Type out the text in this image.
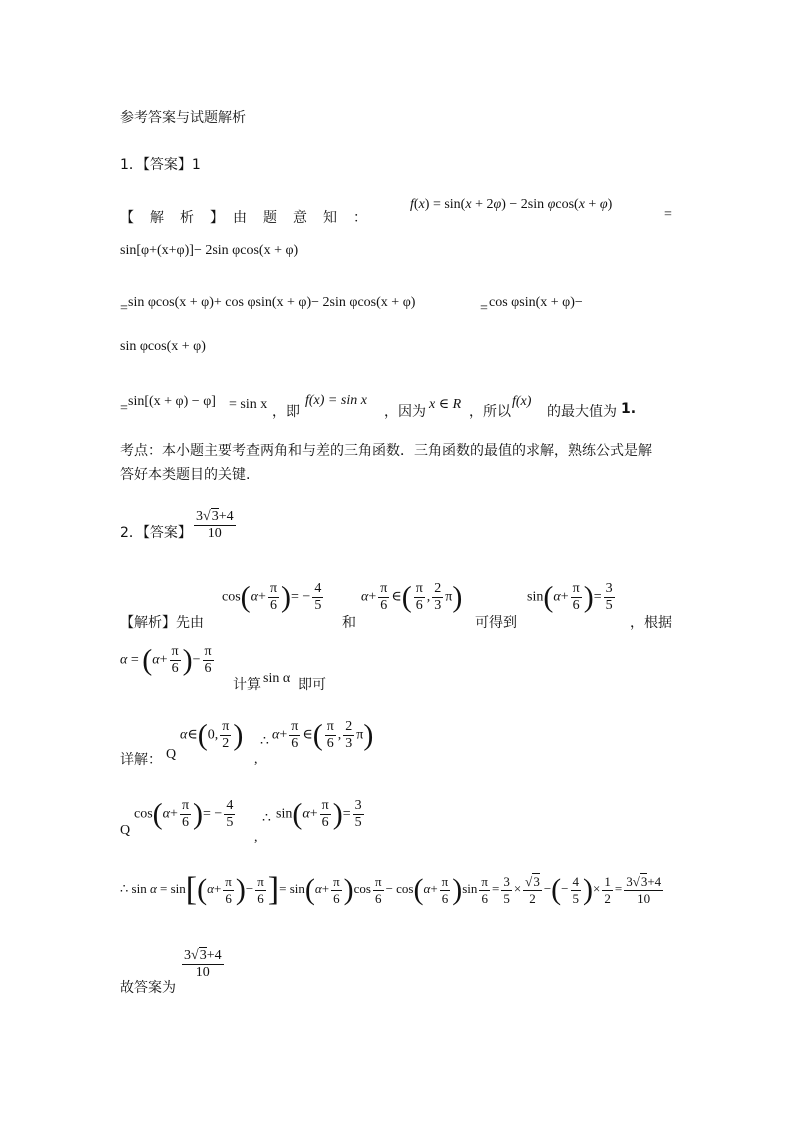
参考答案与试题解析
1．【答案】1
【　解　析　】　由　题　意　知　：
f(x) = sin(x + 2φ) − 2sin φcos(x + φ)
=
sin[φ+(x+φ)]− 2sin φcos(x + φ)
= sin φcos(x + φ)+ cos φsin(x + φ)− 2sin φcos(x + φ)	= cos φsin(x + φ)−
sin φcos(x + φ)
= sin[(x + φ) − φ] = sin x ，即
f(x) = sin x
，因为 x ∈ R ，所以
f(x)
的最大值为 1.
考点：本小题主要考查两角和与差的三角函数．三角函数的最值的求解，熟练公式是解
答好本类题目的关键.
2．【答案】 $\frac{3√3+4}{10}$
【解析】先由
$\cos(\alpha+ \frac{\pi}{6}$ )= − $\frac{4}{5}$
和
$\alpha+ \frac{\pi}{6}$ ∈( $\frac{\pi}{6}$ , $\frac{2}{3} \pi$)
可得到
$\sin(\alpha+ \frac{\pi}{6}$ )= $\frac{3}{5}$
，根据
$\alpha = (\alpha+ \frac{\pi}{6}$ )− $\frac{\pi}{6}$
计算 sin α 即可
详解： Q
α∈(0, $\frac{\pi}{2}$ )
,
∴ $\alpha+ \frac{\pi}{6}$ ∈( $\frac{\pi}{6}$ , $\frac{2}{3} \pi$)
Q
$\cos(\alpha+ \frac{\pi}{6}$ )= − $\frac{4}{5}$
,
∴ $\sin(\alpha+ \frac{\pi}{6}$ )= $\frac{3}{5}$
∴ $\sin \alpha = \sin[(\alpha+ \frac{\pi}{6}$ )− $\frac{\pi}{6}$ ]= $\sin(\alpha+ \frac{\pi}{6} )\cos \frac{\pi}{6} - \cos(\alpha+ \frac{\pi}{6} )\sin \frac{\pi}{6} = \frac{3}{5} \times \frac{√3}{2}$ −(− $\frac{4}{5}$ )× $\frac{1}{2} = \frac{3√3+4}{10}$
故答案为
$\frac{3√3+4}{10}$
